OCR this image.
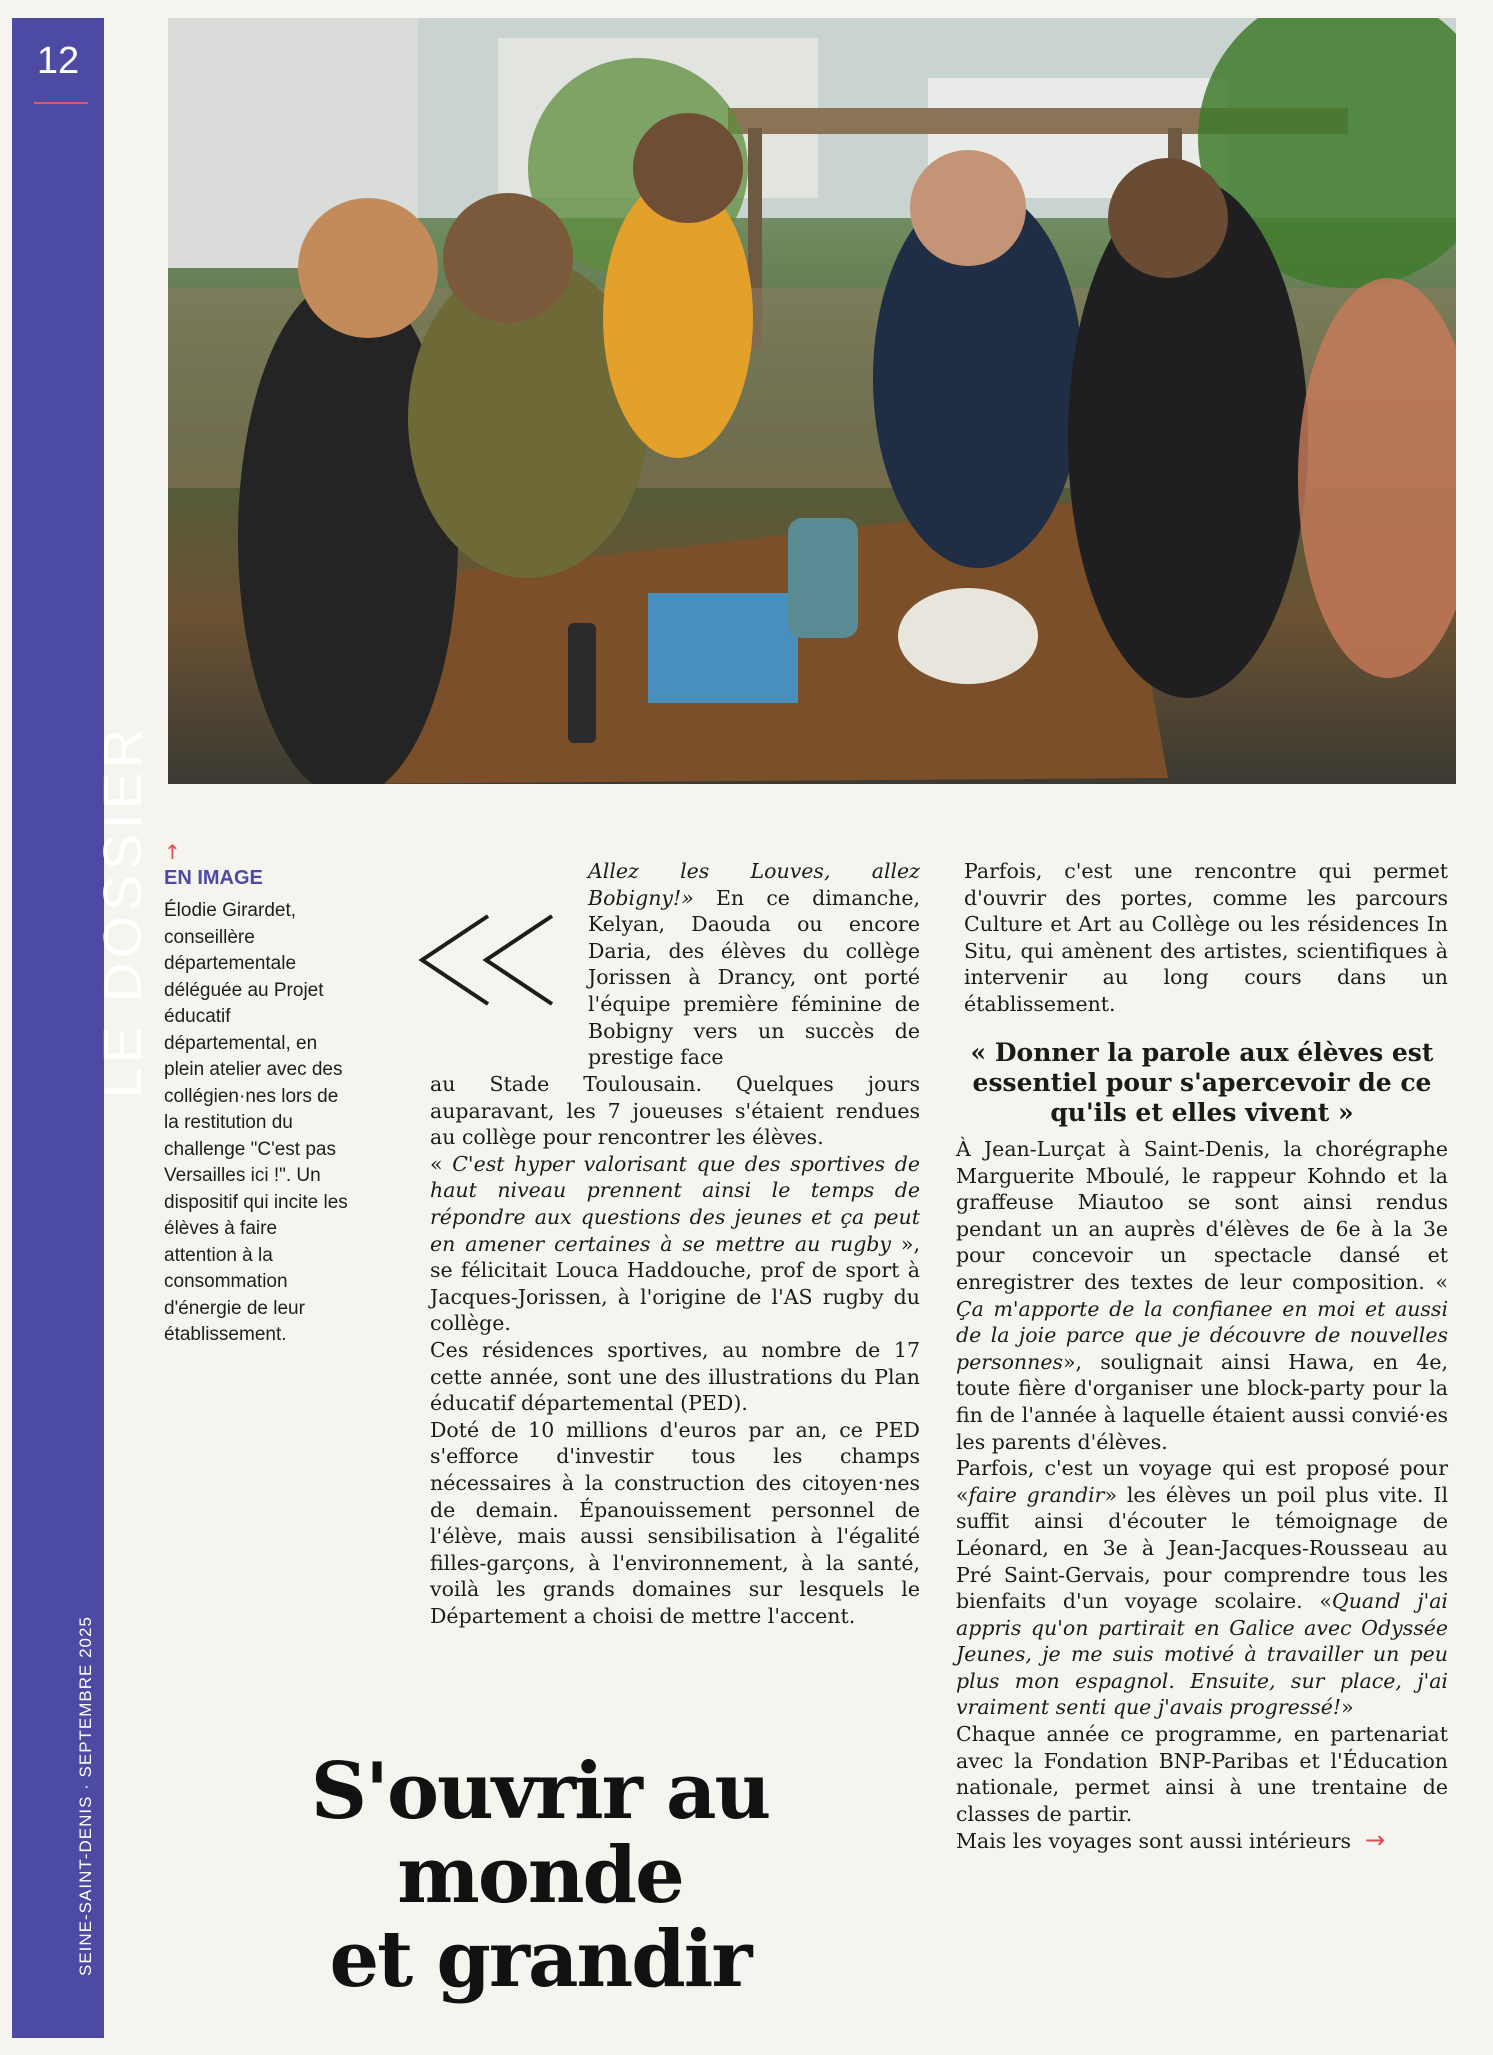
12
LE DOSSIER
SEINE-SAINT-DENIS · SEPTEMBRE 2025
↑
EN IMAGE
Élodie Girardet, conseillère départementale déléguée au Projet éducatif départemental, en plein atelier avec des collégien·nes lors de la restitution du challenge "C'est pas Versailles ici !". Un dispositif qui incite les élèves à faire attention à la consommation d'énergie de leur établissement.

Allez les Louves, allez Bobigny!» En ce dimanche, Kelyan, Daouda ou encore Daria, des élèves du collège Jorissen à Drancy, ont porté l'équipe première féminine de Bobigny vers un succès de prestige face

au Stade Toulousain. Quelques jours auparavant, les 7 joueuses s'étaient rendues au collège pour rencontrer les élèves.

« C'est hyper valorisant que des sportives de haut niveau prennent ainsi le temps de répondre aux questions des jeunes et ça peut en amener certaines à se mettre au rugby », se félicitait Louca Haddouche, prof de sport à Jacques-Jorissen, à l'origine de l'AS rugby du collège.

Ces résidences sportives, au nombre de 17 cette année, sont une des illustrations du Plan éducatif départemental (PED).

Doté de 10 millions d'euros par an, ce PED s'efforce d'investir tous les champs nécessaires à la construction des citoyen·nes de demain. Épanouissement personnel de l'élève, mais aussi sensibilisation à l'égalité filles-garçons, à l'environnement, à la santé, voilà les grands domaines sur lesquels le Département a choisi de mettre l'accent.

Parfois, c'est une rencontre qui permet d'ouvrir des portes, comme les parcours Culture et Art au Collège ou les résidences In Situ, qui amènent des artistes, scientifiques à intervenir au long cours dans un établissement.

« Donner la parole aux élèves est essentiel pour s'apercevoir de ce qu'ils et elles vivent »

À Jean-Lurçat à Saint-Denis, la chorégraphe Marguerite Mboulé, le rappeur Kohndo et la graffeuse Miautoo se sont ainsi rendus pendant un an auprès d'élèves de 6e à la 3e pour concevoir un spectacle dansé et enregistrer des textes de leur composition. « Ça m'apporte de la confianee en moi et aussi de la joie parce que je découvre de nouvelles personnes», soulignait ainsi Hawa, en 4e, toute fière d'organiser une block-party pour la fin de l'année à laquelle étaient aussi convié·es les parents d'élèves.

Parfois, c'est un voyage qui est proposé pour «faire grandir» les élèves un poil plus vite. Il suffit ainsi d'écouter le témoignage de Léonard, en 3e à Jean-Jacques-Rousseau au Pré Saint-Gervais, pour comprendre tous les bienfaits d'un voyage scolaire. «Quand j'ai appris qu'on partirait en Galice avec Odyssée Jeunes, je me suis motivé à travailler un peu plus mon espagnol. Ensuite, sur place, j'ai vraiment senti que j'avais progressé!»

Chaque année ce programme, en partenariat avec la Fondation BNP-Paribas et l'Éducation nationale, permet ainsi à une trentaine de classes de partir.

Mais les voyages sont aussi intérieurs →

S'ouvrir au monde
et grandir
